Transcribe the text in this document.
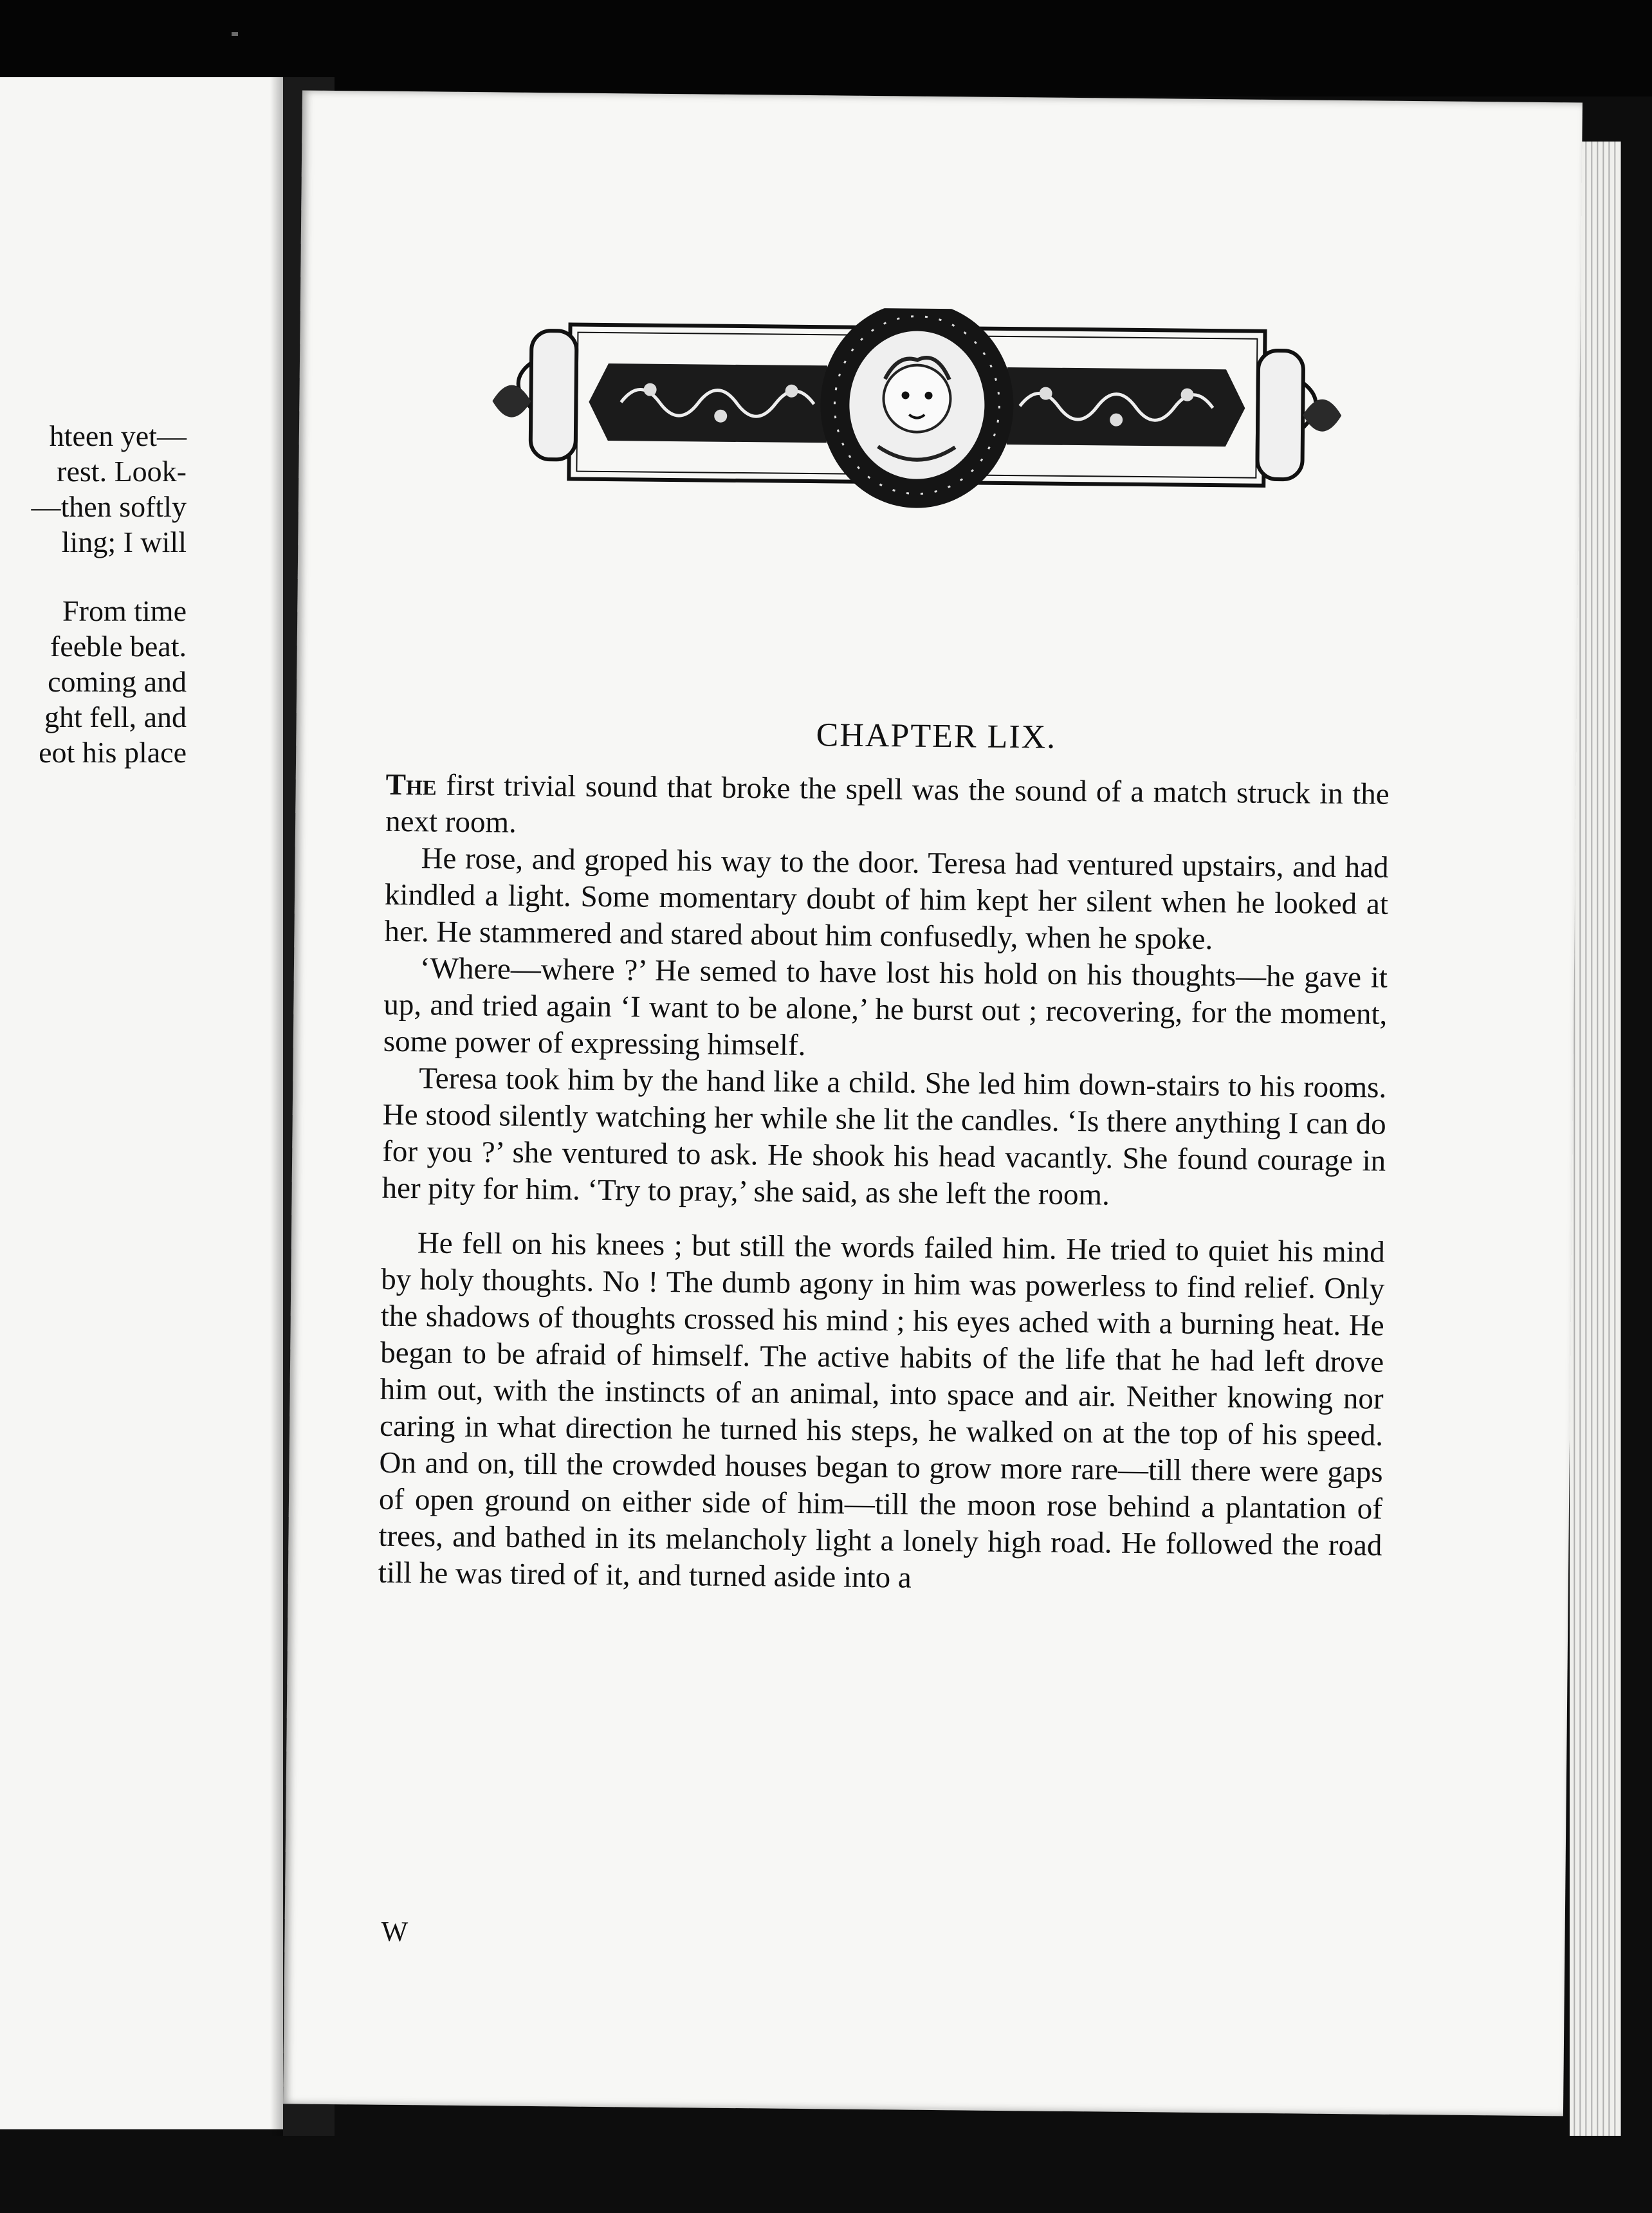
hteen yet—
rest. Look-
—then softly
ling; I will
From time
feeble beat.
coming and
ght fell, and
eot his place	CHAPTER LIX.

The first trivial sound that broke the spell was the sound of a match struck in the next room.

He rose, and groped his way to the door. Teresa had ventured upstairs, and had kindled a light. Some momentary doubt of him kept her silent when he looked at her. He stammered and stared about him confusedly, when he spoke.

‘Where—where ?’ He semed to have lost his hold on his thoughts—he gave it up, and tried again ‘I want to be alone,’ he burst out ; recovering, for the moment, some power of expressing himself.

Teresa took him by the hand like a child. She led him down-stairs to his rooms. He stood silently watching her while she lit the candles. ‘Is there anything I can do for you ?’ she ventured to ask. He shook his head vacantly. She found courage in her pity for him. ‘Try to pray,’ she said, as she left the room.

He fell on his knees ; but still the words failed him. He tried to quiet his mind by holy thoughts. No ! The dumb agony in him was powerless to find relief. Only the shadows of thoughts crossed his mind ; his eyes ached with a burning heat. He began to be afraid of himself. The active habits of the life that he had left drove him out, with the instincts of an animal, into space and air. Neither knowing nor caring in what direction he turned his steps, he walked on at the top of his speed. On and on, till the crowded houses began to grow more rare—till there were gaps of open ground on either side of him—till the moon rose behind a plantation of trees, and bathed in its melancholy light a lonely high road. He followed the road till he was tired of it, and turned aside into a

W
